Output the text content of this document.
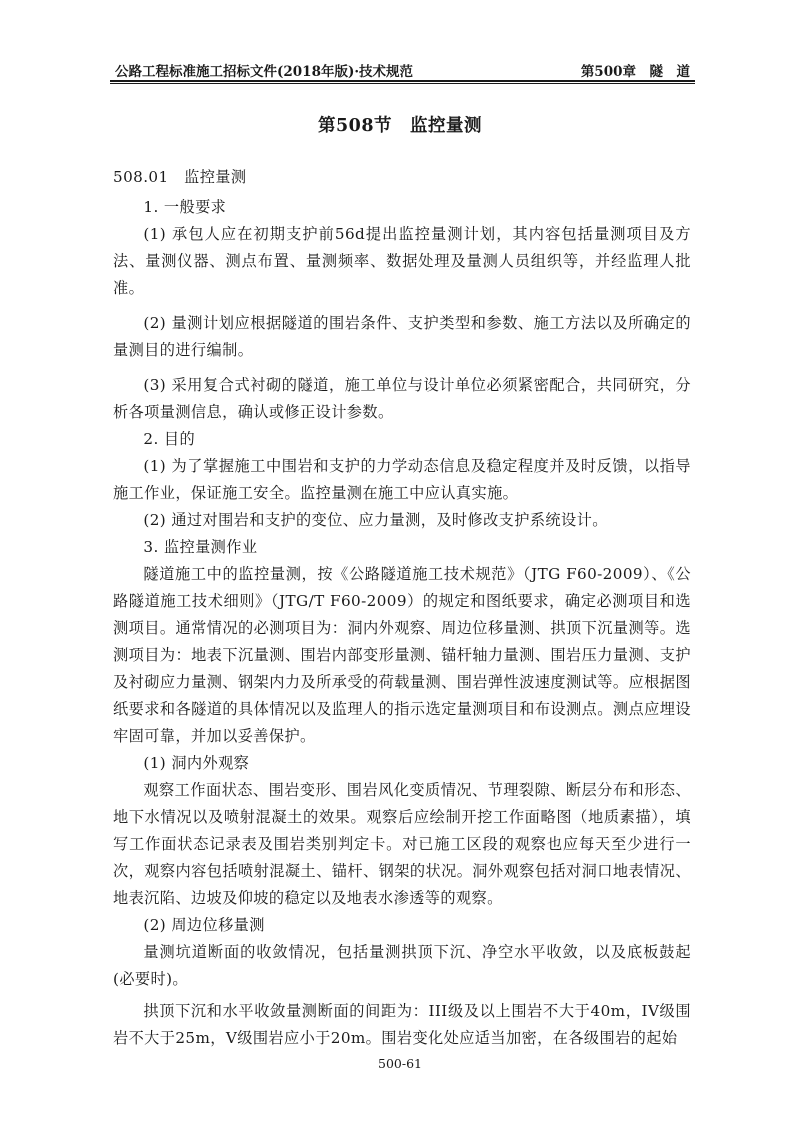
公路工程标准施工招标文件(2018年版)·技术规范	第500章　隧　道
第508节　监控量测

508.01　监控量测

1. 一般要求

(1) 承包人应在初期支护前56d提出监控量测计划，其内容包括量测项目及方法、量测仪器、测点布置、量测频率、数据处理及量测人员组织等，并经监理人批准。

(2) 量测计划应根据隧道的围岩条件、支护类型和参数、施工方法以及所确定的量测目的进行编制。

(3) 采用复合式衬砌的隧道，施工单位与设计单位必须紧密配合，共同研究，分析各项量测信息，确认或修正设计参数。

2. 目的

(1) 为了掌握施工中围岩和支护的力学动态信息及稳定程度并及时反馈，以指导施工作业，保证施工安全。监控量测在施工中应认真实施。

(2) 通过对围岩和支护的变位、应力量测，及时修改支护系统设计。

3. 监控量测作业

隧道施工中的监控量测，按《公路隧道施工技术规范》（JTG F60-2009）、《公路隧道施工技术细则》（JTG/T F60-2009）的规定和图纸要求，确定必测项目和选测项目。通常情况的必测项目为：洞内外观察、周边位移量测、拱顶下沉量测等。选测项目为：地表下沉量测、围岩内部变形量测、锚杆轴力量测、围岩压力量测、支护及衬砌应力量测、钢架内力及所承受的荷载量测、围岩弹性波速度测试等。应根据图纸要求和各隧道的具体情况以及监理人的指示选定量测项目和布设测点。测点应埋设牢固可靠，并加以妥善保护。

(1) 洞内外观察

观察工作面状态、围岩变形、围岩风化变质情况、节理裂隙、断层分布和形态、地下水情况以及喷射混凝土的效果。观察后应绘制开挖工作面略图（地质素描），填写工作面状态记录表及围岩类别判定卡。对已施工区段的观察也应每天至少进行一次，观察内容包括喷射混凝土、锚杆、钢架的状况。洞外观察包括对洞口地表情况、地表沉陷、边坡及仰坡的稳定以及地表水渗透等的观察。

(2) 周边位移量测

量测坑道断面的收敛情况，包括量测拱顶下沉、净空水平收敛，以及底板鼓起(必要时)。

拱顶下沉和水平收敛量测断面的间距为：III级及以上围岩不大于40m，IV级围岩不大于25m，V级围岩应小于20m。围岩变化处应适当加密，在各级围岩的起始

500-61
